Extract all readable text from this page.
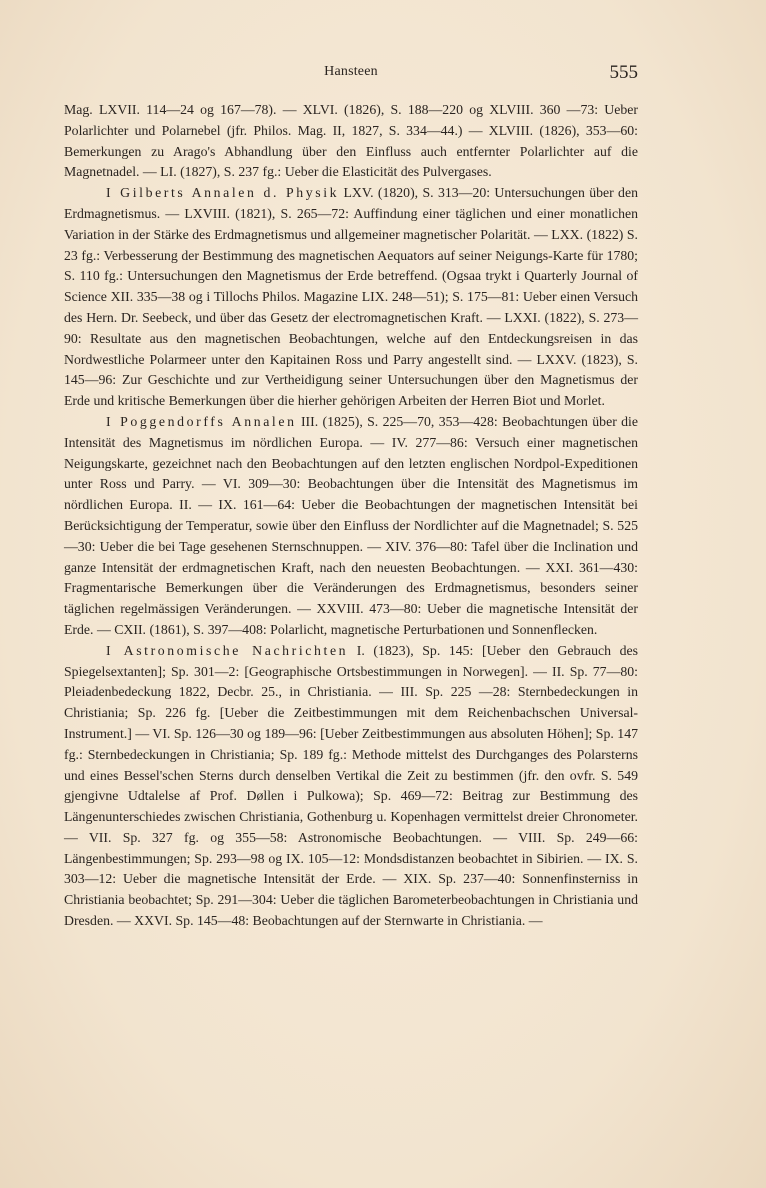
Hansteen	555

Mag. LXVII. 114—24 og 167—78). — XLVI. (1826), S. 188—220 og XLVIII. 360 —73: Ueber Polarlichter und Polarnebel (jfr. Philos. Mag. II, 1827, S. 334—44.) — XLVIII. (1826), 353—60: Bemerkungen zu Arago's Abhandlung über den Einfluss auch entfernter Polarlichter auf die Magnetnadel. — LI. (1827), S. 237 fg.: Ueber die Elasticität des Pulvergases.

I Gilberts Annalen d. Physik LXV. (1820), S. 313—20: Untersuchungen über den Erdmagnetismus. — LXVIII. (1821), S. 265—72: Auffindung einer täglichen und einer monatlichen Variation in der Stärke des Erdmagnetismus und allgemeiner magnetischer Polarität. — LXX. (1822) S. 23 fg.: Verbesserung der Bestimmung des magnetischen Aequators auf seiner Neigungs-Karte für 1780; S. 110 fg.: Untersuchungen den Magnetismus der Erde betreffend. (Ogsaa trykt i Quarterly Journal of Science XII. 335—38 og i Tillochs Philos. Magazine LIX. 248—51); S. 175—81: Ueber einen Versuch des Hern. Dr. Seebeck, und über das Gesetz der electromagnetischen Kraft. — LXXI. (1822), S. 273—90: Resultate aus den magnetischen Beobachtungen, welche auf den Entdeckungsreisen in das Nordwestliche Polarmeer unter den Kapitainen Ross und Parry angestellt sind. — LXXV. (1823), S. 145—96: Zur Geschichte und zur Vertheidigung seiner Untersuchungen über den Magnetismus der Erde und kritische Bemerkungen über die hierher gehörigen Arbeiten der Herren Biot und Morlet.

I Poggendorffs Annalen III. (1825), S. 225—70, 353—428: Beobachtungen über die Intensität des Magnetismus im nördlichen Europa. — IV. 277—86: Versuch einer magnetischen Neigungskarte, gezeichnet nach den Beobachtungen auf den letzten englischen Nordpol-Expeditionen unter Ross und Parry. — VI. 309—30: Beobachtungen über die Intensität des Magnetismus im nördlichen Europa. II. — IX. 161—64: Ueber die Beobachtungen der magnetischen Intensität bei Berücksichtigung der Temperatur, sowie über den Einfluss der Nordlichter auf die Magnetnadel; S. 525—30: Ueber die bei Tage gesehenen Sternschnuppen. — XIV. 376—80: Tafel über die Inclination und ganze Intensität der erdmagnetischen Kraft, nach den neuesten Beobachtungen. — XXI. 361—430: Fragmentarische Bemerkungen über die Veränderungen des Erdmagnetismus, besonders seiner täglichen regelmässigen Veränderungen. — XXVIII. 473—80: Ueber die magnetische Intensität der Erde. — CXII. (1861), S. 397—408: Polarlicht, magnetische Perturbationen und Sonnenflecken.

I Astronomische Nachrichten I. (1823), Sp. 145: [Ueber den Gebrauch des Spiegelsextanten]; Sp. 301—2: [Geographische Ortsbestimmungen in Norwegen]. — II. Sp. 77—80: Pleiadenbedeckung 1822, Decbr. 25., in Christiania. — III. Sp. 225 —28: Sternbedeckungen in Christiania; Sp. 226 fg. [Ueber die Zeitbestimmungen mit dem Reichenbachschen Universal-Instrument.] — VI. Sp. 126—30 og 189—96: [Ueber Zeitbestimmungen aus absoluten Höhen]; Sp. 147 fg.: Sternbedeckungen in Christiania; Sp. 189 fg.: Methode mittelst des Durchganges des Polarsterns und eines Bessel'schen Sterns durch denselben Vertikal die Zeit zu bestimmen (jfr. den ovfr. S. 549 gjengivne Udtalelse af Prof. Døllen i Pulkowa); Sp. 469—72: Beitrag zur Bestimmung des Längenunterschiedes zwischen Christiania, Gothenburg u. Kopenhagen vermittelst dreier Chronometer. — VII. Sp. 327 fg. og 355—58: Astronomische Beobachtungen. — VIII. Sp. 249—66: Längenbestimmungen; Sp. 293—98 og IX. 105—12: Mondsdistanzen beobachtet in Sibirien. — IX. S. 303—12: Ueber die magnetische Intensität der Erde. — XIX. Sp. 237—40: Sonnenfinsterniss in Christiania beobachtet; Sp. 291—304: Ueber die täglichen Barometerbeobachtungen in Christiania und Dresden. — XXVI. Sp. 145—48: Beobachtungen auf der Sternwarte in Christiania. —
